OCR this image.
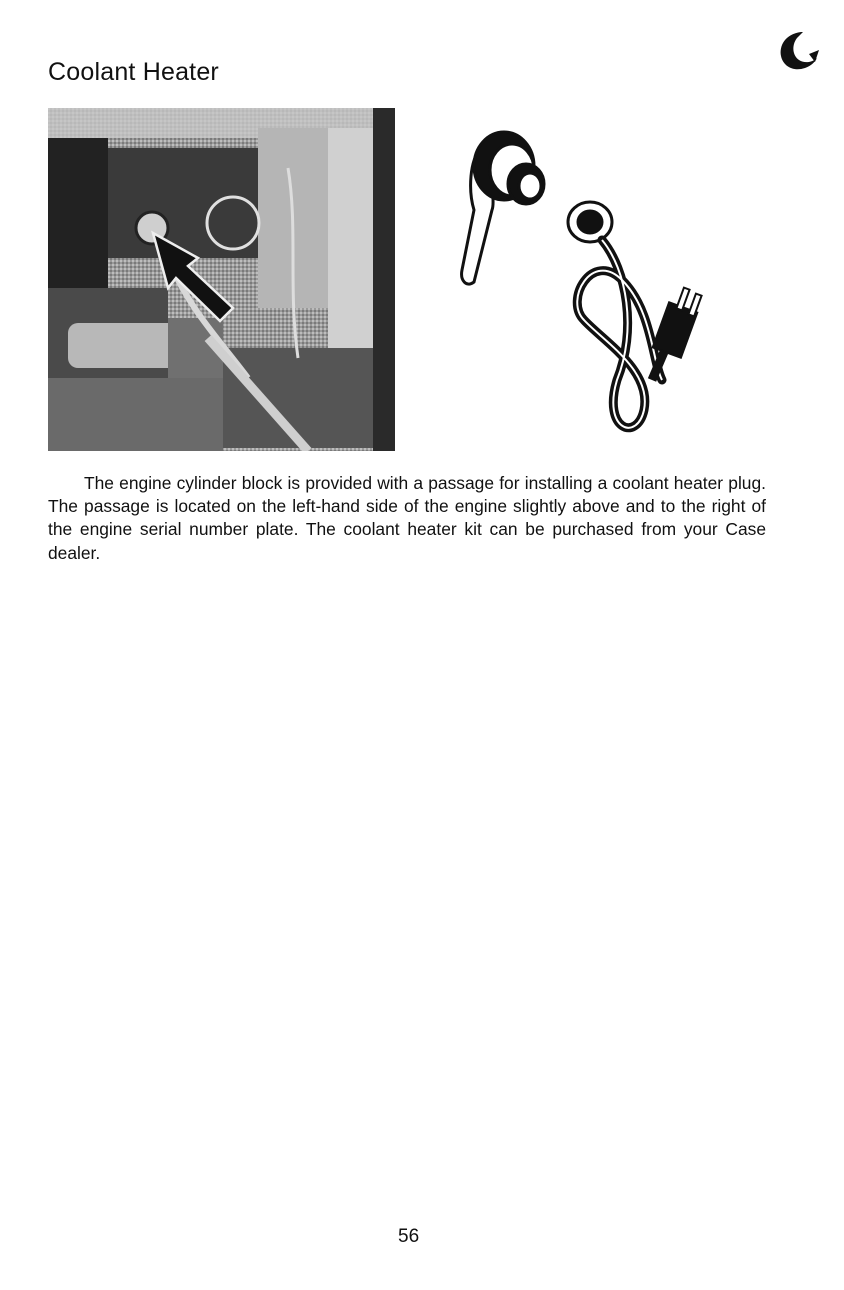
Coolant Heater

The engine cylinder block is provided with a passage for installing a coolant heater plug. The passage is located on the left-hand side of the engine slightly above and to the right of the engine serial number plate. The coolant heater kit can be purchased from your Case dealer.

56
